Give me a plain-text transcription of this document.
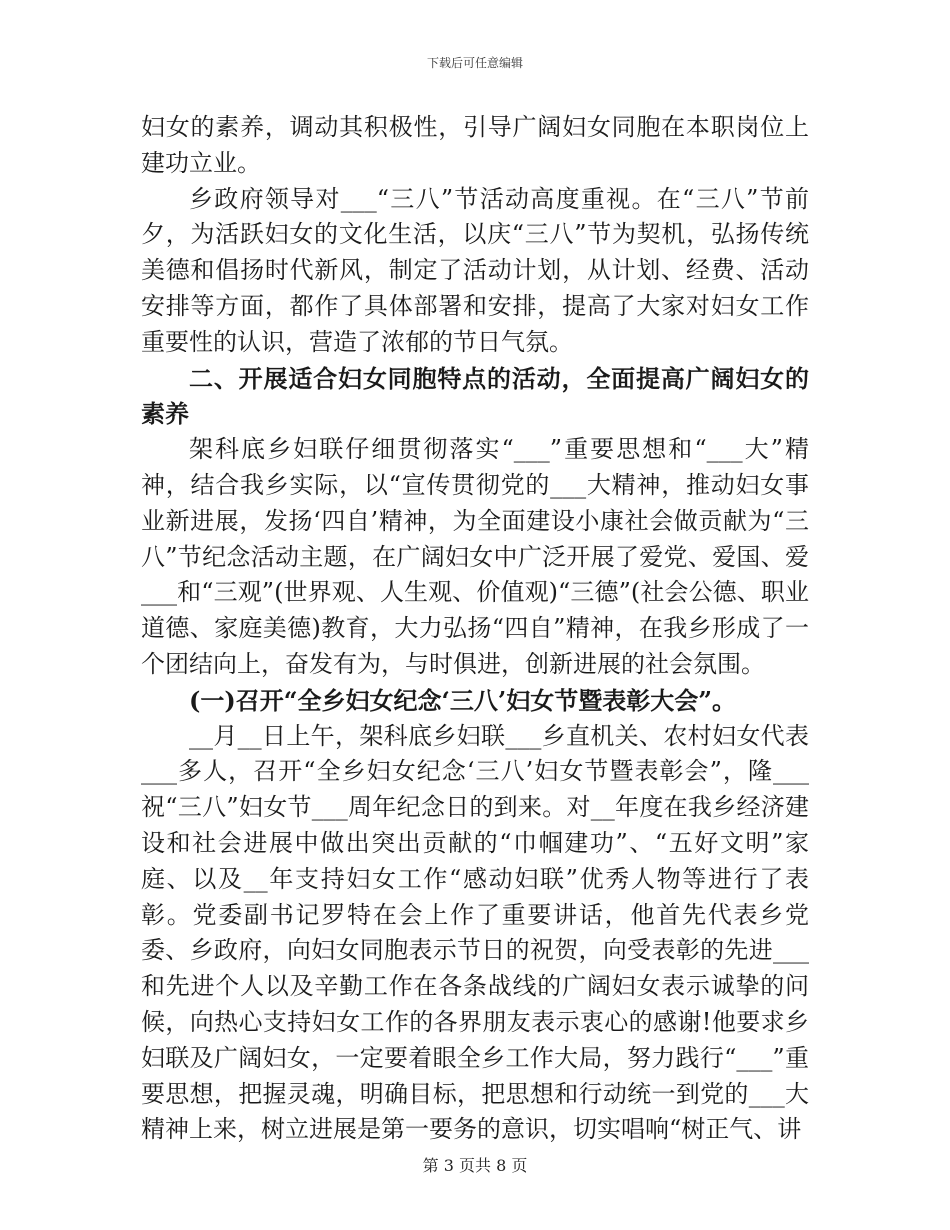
下载后可任意编辑

妇女的素养，调动其积极性，引导广阔妇女同胞在本职岗位上建功立业。

乡政府领导对___“三八”节活动高度重视。在“三八”节前夕，为活跃妇女的文化生活，以庆“三八”节为契机，弘扬传统美德和倡扬时代新风，制定了活动计划，从计划、经费、活动安排等方面，都作了具体部署和安排，提高了大家对妇女工作重要性的认识，营造了浓郁的节日气氛。

二、开展适合妇女同胞特点的活动，全面提高广阔妇女的素养

架科底乡妇联仔细贯彻落实“___”重要思想和“___大”精神，结合我乡实际，以“宣传贯彻党的___大精神，推动妇女事业新进展，发扬‘四自’精神，为全面建设小康社会做贡献为“三八”节纪念活动主题，在广阔妇女中广泛开展了爱党、爱国、爱___和“三观”(世界观、人生观、价值观)“三德”(社会公德、职业道德、家庭美德)教育，大力弘扬“四自”精神，在我乡形成了一个团结向上，奋发有为，与时俱进，创新进展的社会氛围。

(一)召开“全乡妇女纪念‘三八’妇女节暨表彰大会”。

__月__日上午，架科底乡妇联___乡直机关、农村妇女代表___多人，召开“全乡妇女纪念‘三八’妇女节暨表彰会”，隆___祝“三八”妇女节___周年纪念日的到来。对__年度在我乡经济建设和社会进展中做出突出贡献的“巾帼建功”、“五好文明”家庭、以及__年支持妇女工作“感动妇联”优秀人物等进行了表彰。党委副书记罗特在会上作了重要讲话，他首先代表乡党委、乡政府，向妇女同胞表示节日的祝贺，向受表彰的先进___和先进个人以及辛勤工作在各条战线的广阔妇女表示诚挚的问候，向热心支持妇女工作的各界朋友表示衷心的感谢!他要求乡妇联及广阔妇女，一定要着眼全乡工作大局，努力践行“___”重要思想，把握灵魂，明确目标，把思想和行动统一到党的___大精神上来，树立进展是第一要务的意识，切实唱响“树正气、讲

第 3 页共 8 页
